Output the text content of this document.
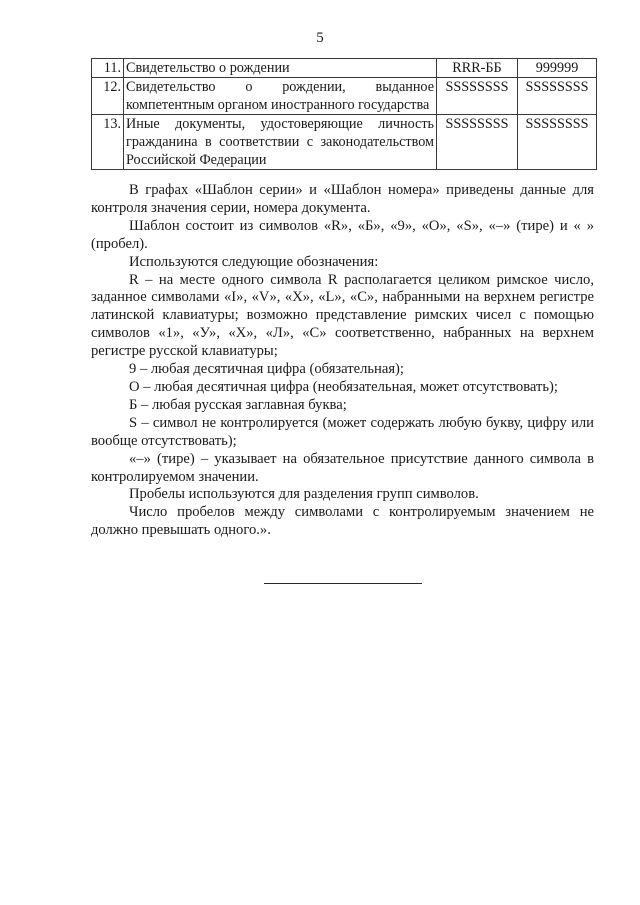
5
11.	Свидетельство о рождении	RRR-ББ	999999
12.	Свидетельство о рождении, выданное компетентным органом иностранного государства	SSSSSSSS	SSSSSSSS
13.	Иные документы, удостоверяющие личность гражданина в соответствии с законодательством Российской Федерации	SSSSSSSS	SSSSSSSS

В графах «Шаблон серии» и «Шаблон номера» приведены данные для контроля значения серии, номера документа.

Шаблон состоит из символов «R», «Б», «9», «О», «S», «–» (тире) и « » (пробел).

Используются следующие обозначения:

R – на месте одного символа R располагается целиком римское число, заданное символами «I», «V», «X», «L», «C», набранными на верхнем регистре латинской клавиатуры; возможно представление римских чисел с помощью символов «1», «У», «Х», «Л», «С» соответственно, набранных на верхнем регистре русской клавиатуры;

9 – любая десятичная цифра (обязательная);

О – любая десятичная цифра (необязательная, может отсутствовать);

Б – любая русская заглавная буква;

S – символ не контролируется (может содержать любую букву, цифру или вообще отсутствовать);

«–» (тире) – указывает на обязательное присутствие данного символа в контролируемом значении.

Пробелы используются для разделения групп символов.

Число пробелов между символами с контролируемым значением не должно превышать одного.».
